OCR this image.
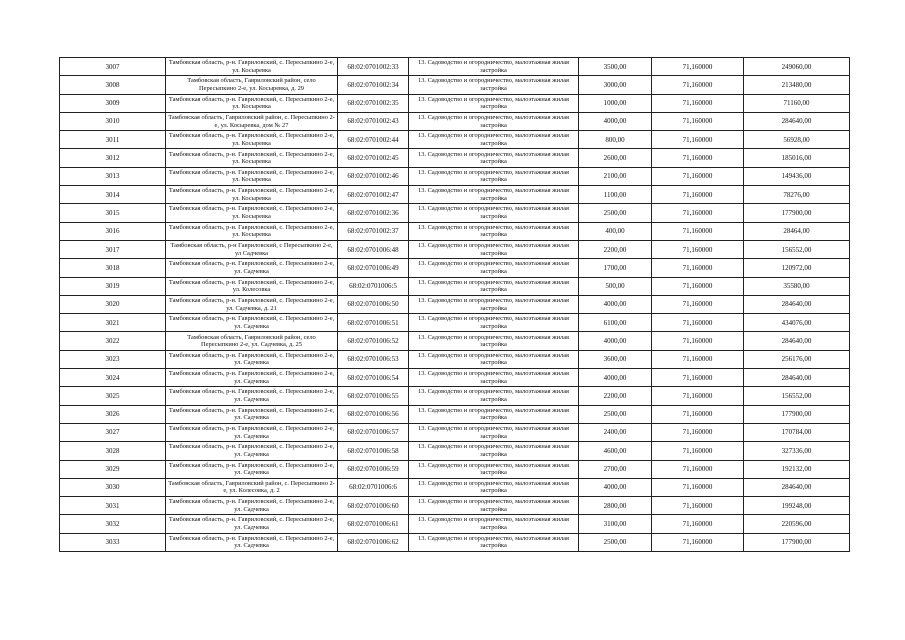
3007	Тамбовская область, р-н. Гавриловский, с. Пересыпкино 2-е, ул. Косыревка	68:02:0701002:33	13. Садоводство и огородничество, малоэтажная жилая застройка	3500,00	71,160000	249060,00
3008	Тамбовская область, Гавриловский район, село Пересыпкино 2-е, ул. Косыревка, д. 29	68:02:0701002:34	13. Садоводство и огородничество, малоэтажная жилая застройка	3000,00	71,160000	213480,00
3009	Тамбовская область, р-н. Гавриловский, с. Пересыпкино 2-е, ул. Косыревка	68:02:0701002:35	13. Садоводство и огородничество, малоэтажная жилая застройка	1000,00	71,160000	71160,00
3010	Тамбовская область, Гавриловский район, с. Пересыпкино 2-е, ул. Косыревка, дом № 27	68:02:0701002:43	13. Садоводство и огородничество, малоэтажная жилая застройка	4000,00	71,160000	284640,00
3011	Тамбовская область, р-н. Гавриловский, с. Пересыпкино 2-е, ул. Косыревка	68:02:0701002:44	13. Садоводство и огородничество, малоэтажная жилая застройка	800,00	71,160000	56928,00
3012	Тамбовская область, р-н. Гавриловский, с. Пересыпкино 2-е, ул. Косыревка	68:02:0701002:45	13. Садоводство и огородничество, малоэтажная жилая застройка	2600,00	71,160000	185016,00
3013	Тамбовская область, р-н. Гавриловский, с. Пересыпкино 2-е, ул. Косыревка	68:02:0701002:46	13. Садоводство и огородничество, малоэтажная жилая застройка	2100,00	71,160000	149436,00
3014	Тамбовская область, р-н. Гавриловский, с. Пересыпкино 2-е, ул. Косыревка	68:02:0701002:47	13. Садоводство и огородничество, малоэтажная жилая застройка	1100,00	71,160000	78276,00
3015	Тамбовская область, р-н. Гавриловский, с. Пересыпкино 2-е, ул. Косыревка	68:02:0701002:36	13. Садоводство и огородничество, малоэтажная жилая застройка	2500,00	71,160000	177900,00
3016	Тамбовская область, р-н. Гавриловский, с. Пересыпкино 2-е, ул. Косыревка	68:02:0701002:37	13. Садоводство и огородничество, малоэтажная жилая застройка	400,00	71,160000	28464,00
3017	Тамбовская область, р-н Гавриловский, с Пересыпкино 2-е, ул Садчевка	68:02:0701006:48	13. Садоводство и огородничество, малоэтажная жилая застройка	2200,00	71,160000	156552,00
3018	Тамбовская область, р-н. Гавриловский, с. Пересыпкино 2-е, ул. Садчевка	68:02:0701006:49	13. Садоводство и огородничество, малоэтажная жилая застройка	1700,00	71,160000	120972,00
3019	Тамбовская область, р-н. Гавриловский, с. Пересыпкино 2-е, ул. Колесовка	68:02:0701006:5	13. Садоводство и огородничество, малоэтажная жилая застройка	500,00	71,160000	35580,00
3020	Тамбовская область, р-н. Гавриловский, с. Пересыпкино 2-е, ул. Садчевка, д. 21	68:02:0701006:50	13. Садоводство и огородничество, малоэтажная жилая застройка	4000,00	71,160000	284640,00
3021	Тамбовская область, р-н. Гавриловский, с. Пересыпкино 2-е, ул. Садчевка	68:02:0701006:51	13. Садоводство и огородничество, малоэтажная жилая застройка	6100,00	71,160000	434076,00
3022	Тамбовская область, Гавриловский район, село Пересыпкино 2-е, ул. Садчевка, д. 25	68:02:0701006:52	13. Садоводство и огородничество, малоэтажная жилая застройка	4000,00	71,160000	284640,00
3023	Тамбовская область, р-н. Гавриловский, с. Пересыпкино 2-е, ул. Садчевка	68:02:0701006:53	13. Садоводство и огородничество, малоэтажная жилая застройка	3600,00	71,160000	256176,00
3024	Тамбовская область, р-н. Гавриловский, с. Пересыпкино 2-е, ул. Садчевка	68:02:0701006:54	13. Садоводство и огородничество, малоэтажная жилая застройка	4000,00	71,160000	284640,00
3025	Тамбовская область, р-н. Гавриловский, с. Пересыпкино 2-е, ул. Садчевка	68:02:0701006:55	13. Садоводство и огородничество, малоэтажная жилая застройка	2200,00	71,160000	156552,00
3026	Тамбовская область, р-н. Гавриловский, с. Пересыпкино 2-е, ул. Садчевка	68:02:0701006:56	13. Садоводство и огородничество, малоэтажная жилая застройка	2500,00	71,160000	177900,00
3027	Тамбовская область, р-н. Гавриловский, с. Пересыпкино 2-е, ул. Садчевка	68:02:0701006:57	13. Садоводство и огородничество, малоэтажная жилая застройка	2400,00	71,160000	170784,00
3028	Тамбовская область, р-н. Гавриловский, с. Пересыпкино 2-е, ул. Садчевка	68:02:0701006:58	13. Садоводство и огородничество, малоэтажная жилая застройка	4600,00	71,160000	327336,00
3029	Тамбовская область, р-н. Гавриловский, с. Пересыпкино 2-е, ул. Садчевка	68:02:0701006:59	13. Садоводство и огородничество, малоэтажная жилая застройка	2700,00	71,160000	192132,00
3030	Тамбовская область, Гавриловский район, с. Пересыпкино 2-е, ул. Колесовка, д. 2	68:02:0701006:6	13. Садоводство и огородничество, малоэтажная жилая застройка	4000,00	71,160000	284640,00
3031	Тамбовская область, р-н. Гавриловский, с. Пересыпкино 2-е, ул. Садчевка	68:02:0701006:60	13. Садоводство и огородничество, малоэтажная жилая застройка	2800,00	71,160000	199248,00
3032	Тамбовская область, р-н. Гавриловский, с. Пересыпкино 2-е, ул. Садчевка	68:02:0701006:61	13. Садоводство и огородничество, малоэтажная жилая застройка	3100,00	71,160000	220596,00
3033	Тамбовская область, р-н. Гавриловский, с. Пересыпкино 2-е, ул. Садчевка	68:02:0701006:62	13. Садоводство и огородничество, малоэтажная жилая застройка	2500,00	71,160000	177900,00
